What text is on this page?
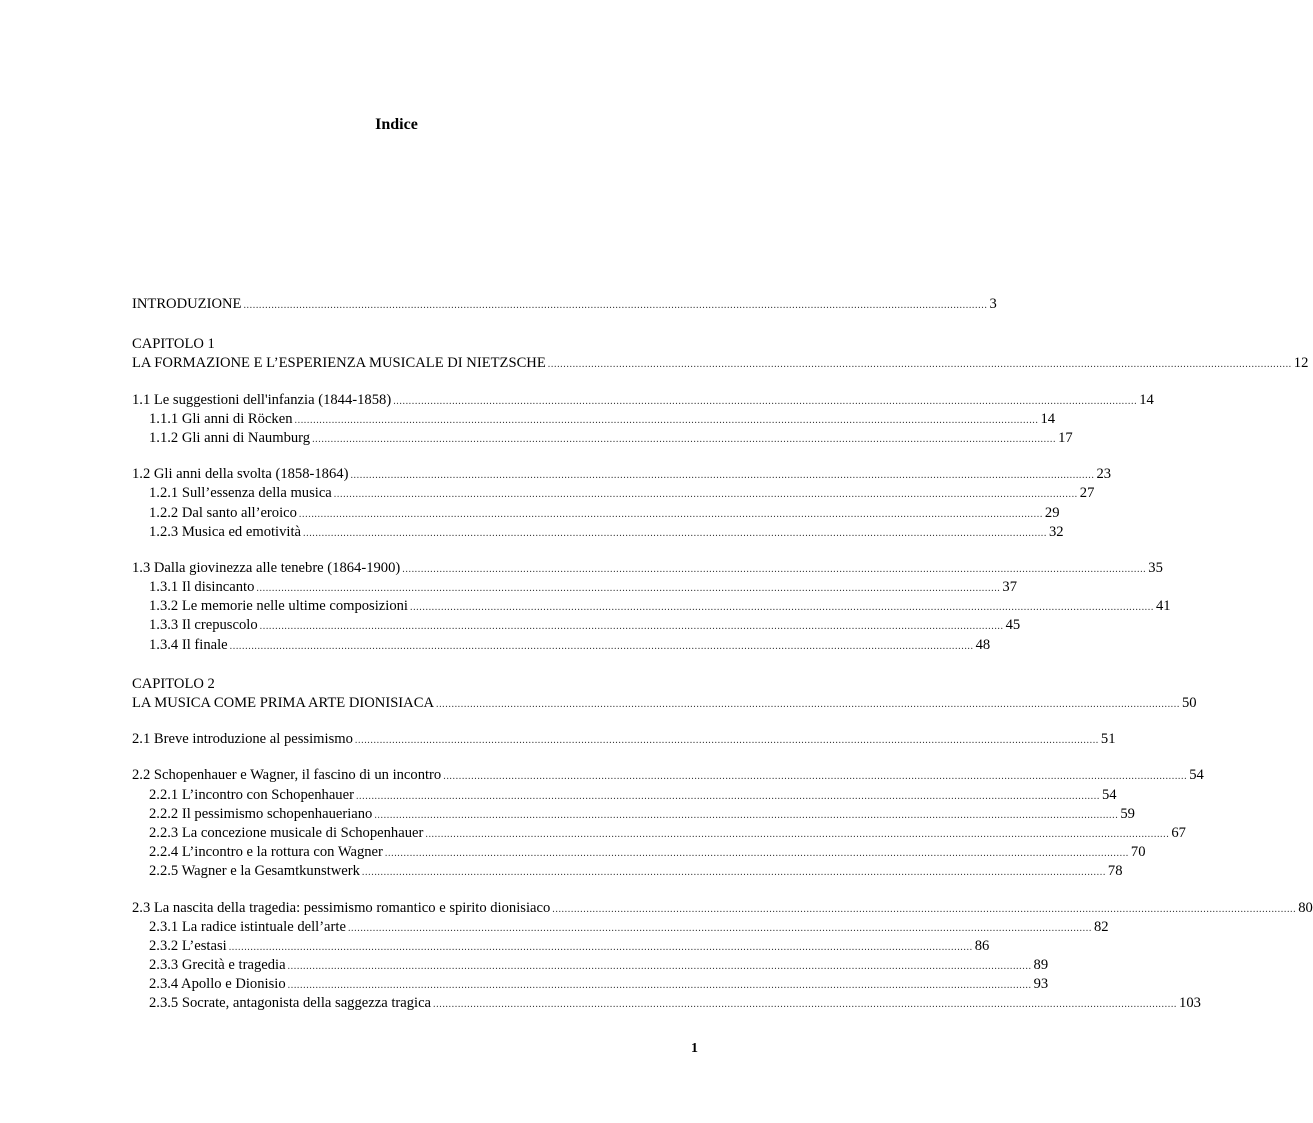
Indice
INTRODUZIONE ................................................................................................................................................................................................................................................ 3
CAPITOLO 1
LA FORMAZIONE E L’ESPERIENZA MUSICALE DI NIETZSCHE ................................................................................................................................................................................................................................................ 12
1.1 Le suggestioni dell'infanzia (1844-1858) ................................................................................................................................................................................................................................................ 14
1.1.1 Gli anni di Röcken ................................................................................................................................................................................................................................................ 14
1.1.2 Gli anni di Naumburg ................................................................................................................................................................................................................................................ 17
1.2 Gli anni della svolta (1858-1864) ................................................................................................................................................................................................................................................ 23
1.2.1 Sull’essenza della musica ................................................................................................................................................................................................................................................ 27
1.2.2 Dal santo all’eroico ................................................................................................................................................................................................................................................ 29
1.2.3 Musica ed emotività ................................................................................................................................................................................................................................................ 32
1.3 Dalla giovinezza alle tenebre (1864-1900) ................................................................................................................................................................................................................................................ 35
1.3.1 Il disincanto ................................................................................................................................................................................................................................................ 37
1.3.2 Le memorie nelle ultime composizioni ................................................................................................................................................................................................................................................ 41
1.3.3 Il crepuscolo ................................................................................................................................................................................................................................................ 45
1.3.4 Il finale ................................................................................................................................................................................................................................................ 48
CAPITOLO 2
LA MUSICA COME PRIMA ARTE DIONISIACA ................................................................................................................................................................................................................................................ 50
2.1 Breve introduzione al pessimismo ................................................................................................................................................................................................................................................ 51
2.2 Schopenhauer e Wagner, il fascino di un incontro ................................................................................................................................................................................................................................................ 54
2.2.1 L’incontro con Schopenhauer ................................................................................................................................................................................................................................................ 54
2.2.2 Il pessimismo schopenhaueriano ................................................................................................................................................................................................................................................ 59
2.2.3 La concezione musicale di Schopenhauer ................................................................................................................................................................................................................................................ 67
2.2.4 L’incontro e la rottura con Wagner ................................................................................................................................................................................................................................................ 70
2.2.5 Wagner e la Gesamtkunstwerk ................................................................................................................................................................................................................................................ 78
2.3 La nascita della tragedia: pessimismo romantico e spirito dionisiaco ................................................................................................................................................................................................................................................ 80
2.3.1 La radice istintuale dell’arte ................................................................................................................................................................................................................................................ 82
2.3.2 L’estasi ................................................................................................................................................................................................................................................ 86
2.3.3 Grecità e tragedia ................................................................................................................................................................................................................................................ 89
2.3.4 Apollo e Dionisio ................................................................................................................................................................................................................................................ 93
2.3.5 Socrate, antagonista della saggezza tragica ................................................................................................................................................................................................................................................ 103
1
